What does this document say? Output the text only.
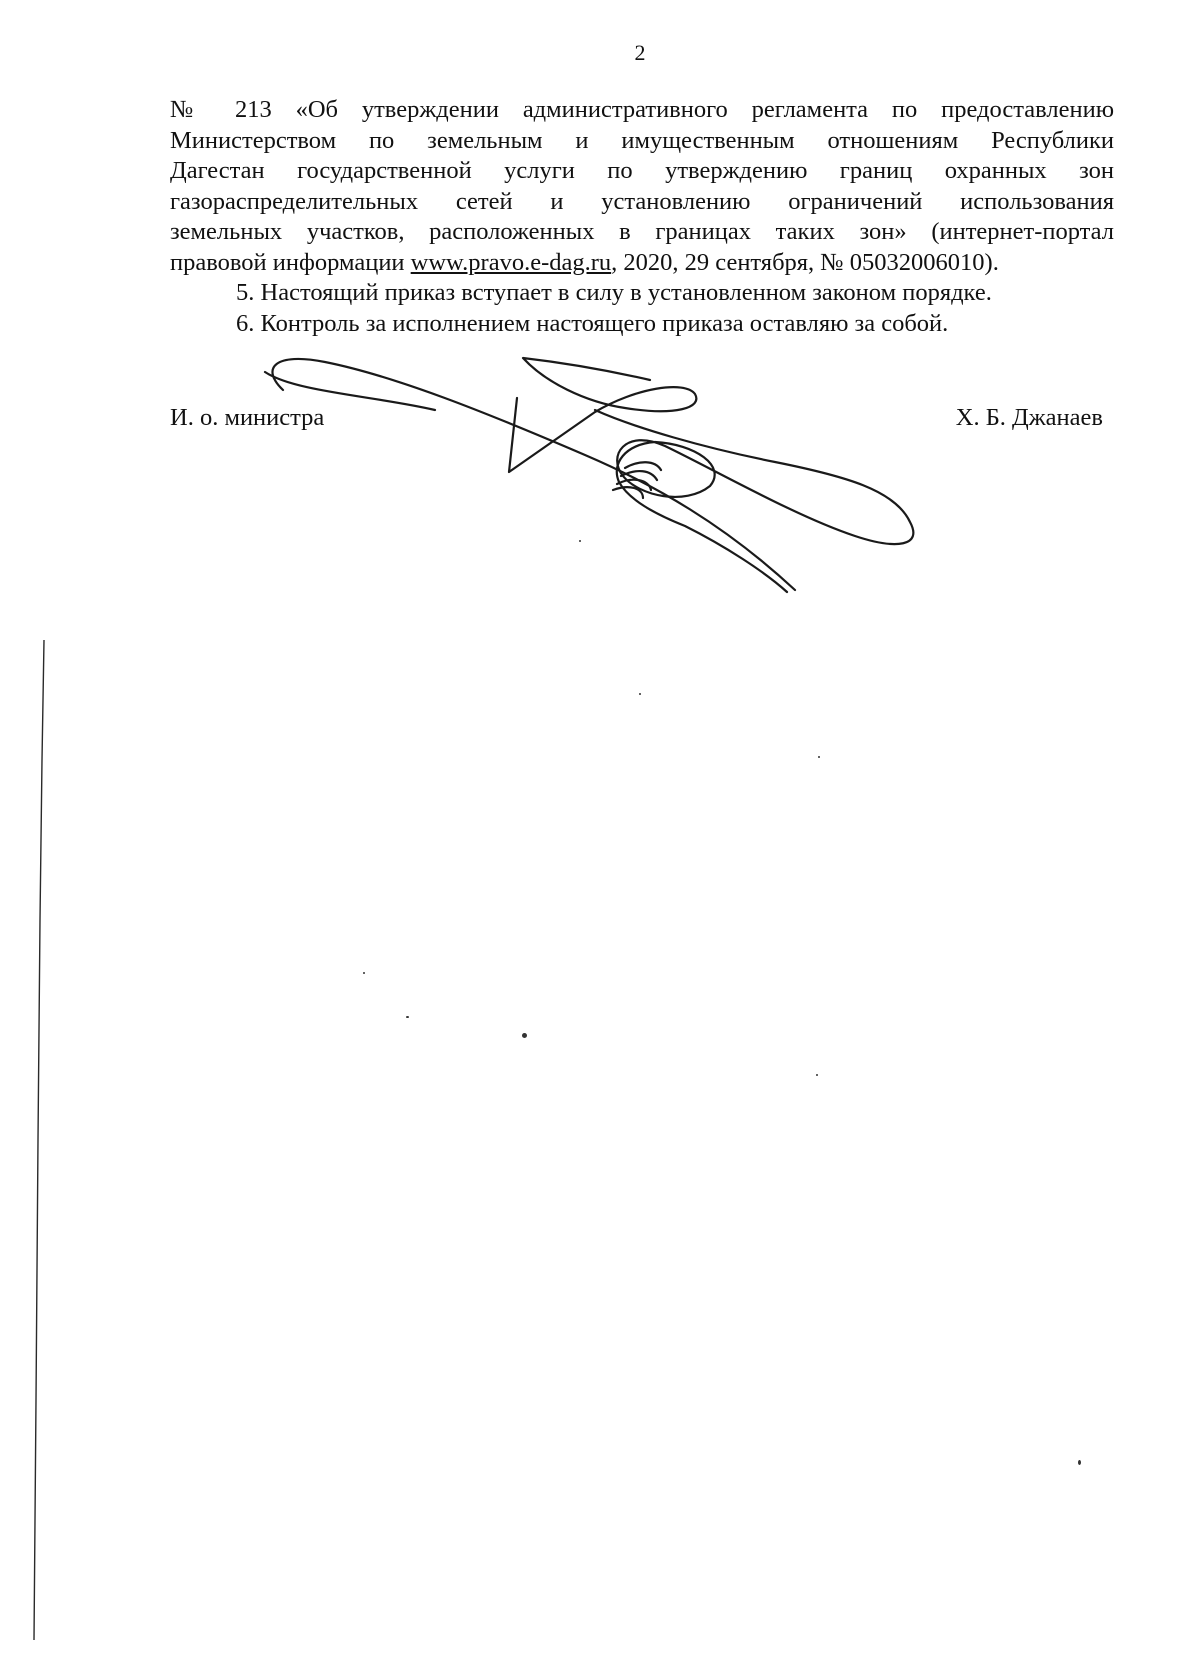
2

№ 213 «Об утверждении административного регламента по предоставлению
Министерством по земельным и имущественным отношениям Республики
Дагестан государственной услуги по утверждению границ охранных зон
газораспределительных сетей и установлению ограничений использования
земельных участков, расположенных в границах таких зон» (интернет-портал
правовой информации www.pravo.e-dag.ru, 2020, 29 сентября, № 05032006010).

5. Настоящий приказ вступает в силу в установленном законом порядке.

6. Контроль за исполнением настоящего приказа оставляю за собой.

И. о. министра	Х. Б. Джанаев
